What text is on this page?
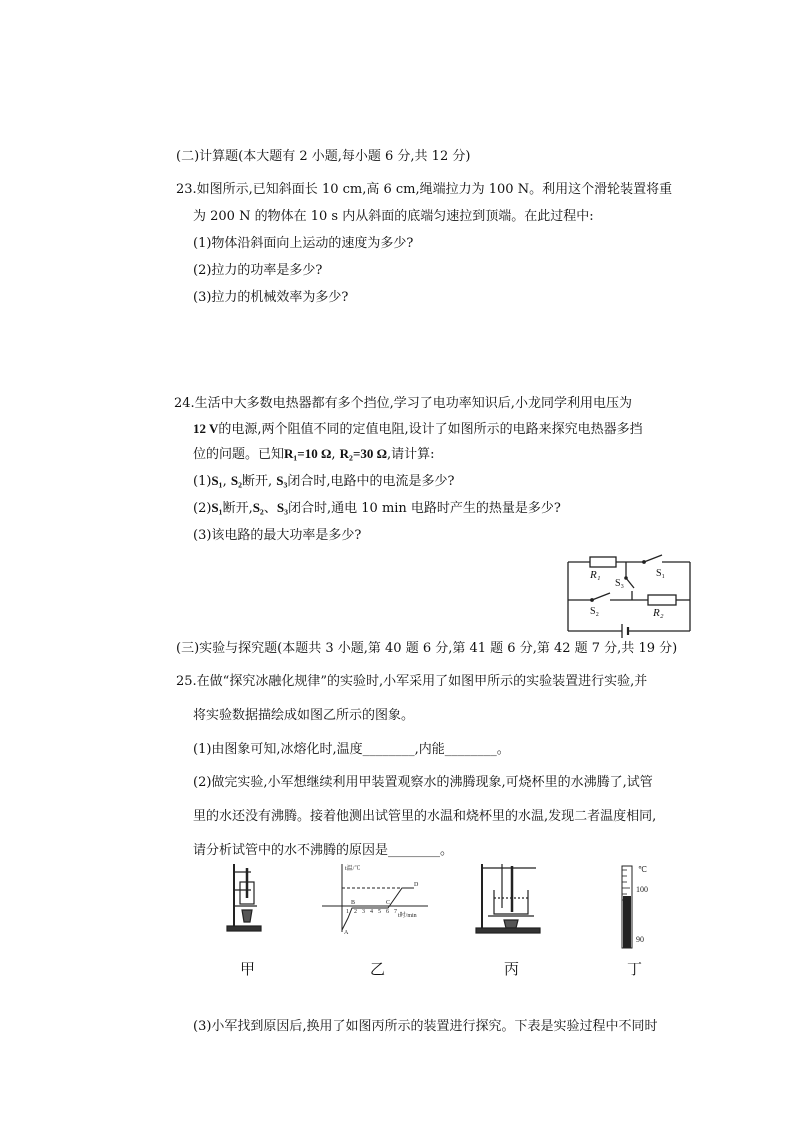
(二)计算题(本大题有 2 小题,每小题 6 分,共 12 分)
23.如图所示,已知斜面长 10 cm,高 6 cm,绳端拉力为 100 N。利用这个滑轮装置将重
为 200 N 的物体在 10 s 内从斜面的底端匀速拉到顶端。在此过程中:
(1)物体沿斜面向上运动的速度为多少?
(2)拉力的功率是多少?
(3)拉力的机械效率为多少?
24.生活中大多数电热器都有多个挡位,学习了电功率知识后,小龙同学利用电压为
12 V的电源,两个阻值不同的定值电阻,设计了如图所示的电路来探究电热器多挡
位的问题。已知R₁=10 Ω, R₂=30 Ω,请计算:
(1)S₁, S₂断开, S₃闭合时,电路中的电流是多少?
(2)S₁断开,S₂、S₃闭合时,通电 10 min 电路时产生的热量是多少?
(3)该电路的最大功率是多少?
R₁
R₂
S₁
S₂
S₃
(三)实验与探究题(本题共 3 小题,第 40 题 6 分,第 41 题 6 分,第 42 题 7 分,共 19 分)
25.在做“探究冰融化规律”的实验时,小军采用了如图甲所示的实验装置进行实验,并
将实验数据描绘成如图乙所示的图象。
(1)由图象可知,冰熔化时,温度________,内能________。
(2)做完实验,小军想继续利用甲装置观察水的沸腾现象,可烧杯里的水沸腾了,试管
里的水还没有沸腾。接着他测出试管里的水温和烧杯里的水温,发现二者温度相同,
请分析试管中的水不沸腾的原因是________。
t温/℃
t时/min
1 2 3 4 5 6 7
A
B	C
D
℃
100
90
甲	乙	丙	丁
(3)小军找到原因后,换用了如图丙所示的装置进行探究。下表是实验过程中不同时
